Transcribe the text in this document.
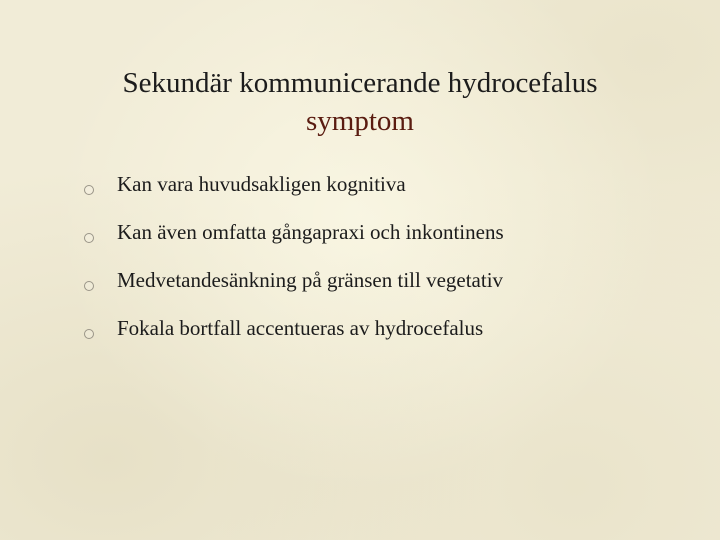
Sekundär kommunicerande hydrocefalus
symptom
Kan vara huvudsakligen kognitiva
Kan även omfatta gångapraxi och inkontinens
Medvetandesänkning på gränsen till vegetativ
Fokala bortfall accentueras av hydrocefalus
